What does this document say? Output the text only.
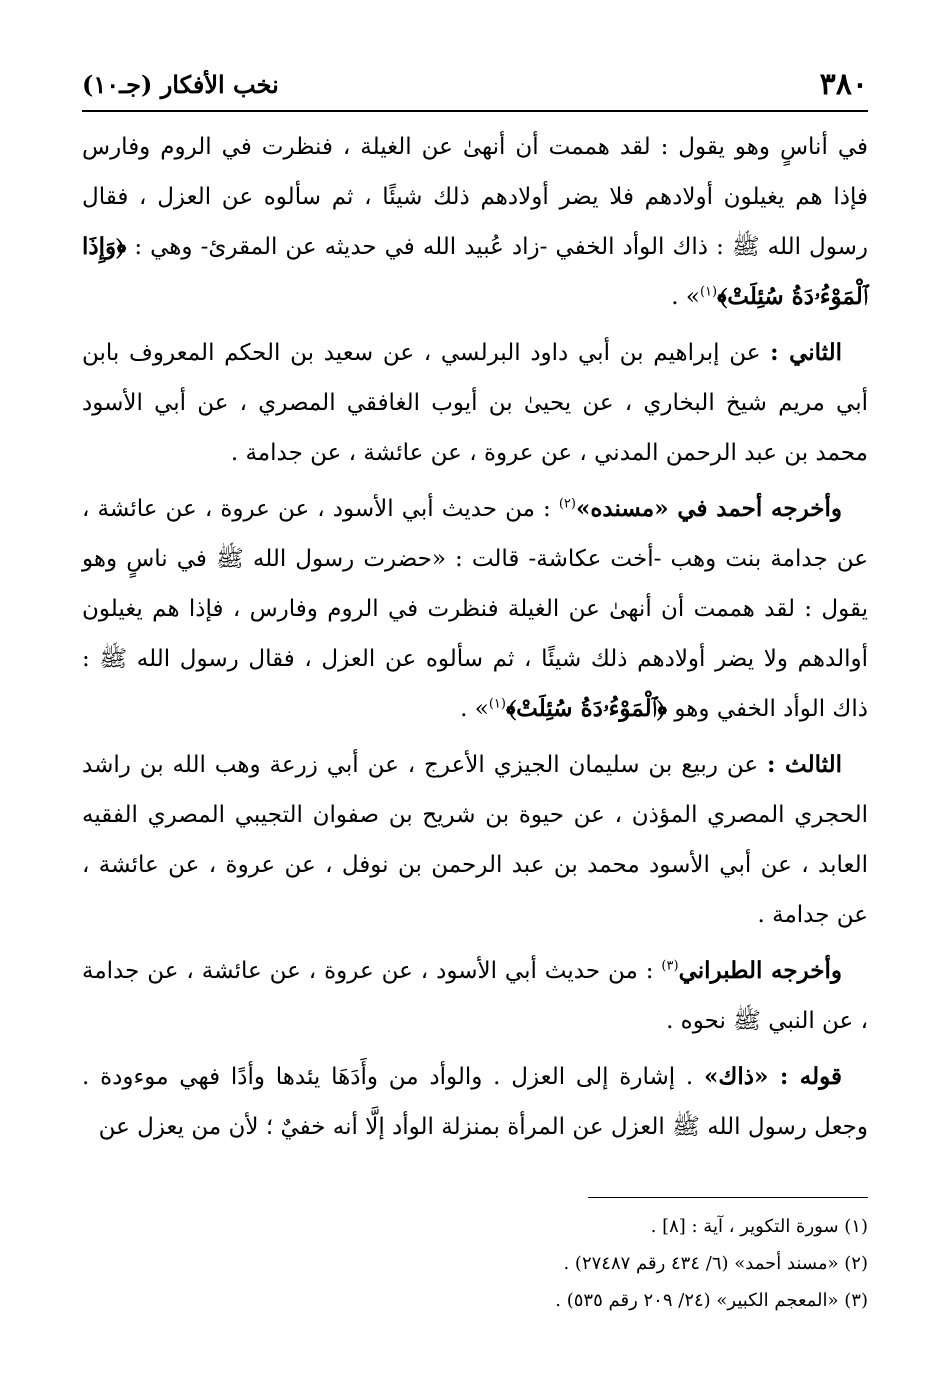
٣٨٠
نخب الأفكار (جـ١٠)

في أناسٍ وهو يقول : لقد هممت أن أنهىٰ عن الغيلة ، فنظرت في الروم وفارس فإذا هم يغيلون أولادهم فلا يضر أولادهم ذلك شيئًا ، ثم سألوه عن العزل ، فقال رسول الله ﷺ : ذاك الوأد الخفي -زاد عُبيد الله في حديثه عن المقرئ- وهي : ﴿وَإِذَا ٱلْمَوْءُۥدَةُ سُئِلَتْ﴾$^{(١)}$» .

الثاني : عن إبراهيم بن أبي داود البرلسي ، عن سعيد بن الحكم المعروف بابن أبي مريم شيخ البخاري ، عن يحيىٰ بن أيوب الغافقي المصري ، عن أبي الأسود محمد بن عبد الرحمن المدني ، عن عروة ، عن عائشة ، عن جدامة .

وأخرجه أحمد في «مسنده»$^{(٢)}$ : من حديث أبي الأسود ، عن عروة ، عن عائشة ، عن جدامة بنت وهب -أخت عكاشة- قالت : «حضرت رسول الله ﷺ في ناسٍ وهو يقول : لقد هممت أن أنهىٰ عن الغيلة فنظرت في الروم وفارس ، فإذا هم يغيلون أوالدهم ولا يضر أولادهم ذلك شيئًا ، ثم سألوه عن العزل ، فقال رسول الله ﷺ : ذاك الوأد الخفي وهو ﴿ٱلْمَوْءُۥدَةُ سُئِلَتْ﴾$^{(١)}$» .

الثالث : عن ربيع بن سليمان الجيزي الأعرج ، عن أبي زرعة وهب الله بن راشد الحجري المصري المؤذن ، عن حيوة بن شريح بن صفوان التجيبي المصري الفقيه العابد ، عن أبي الأسود محمد بن عبد الرحمن بن نوفل ، عن عروة ، عن عائشة ، عن جدامة .

وأخرجه الطبراني$^{(٣)}$ : من حديث أبي الأسود ، عن عروة ، عن عائشة ، عن جدامة ، عن النبي ﷺ نحوه .

قوله : «ذاك» . إشارة إلى العزل . والوأد من وأَدَهَا يئدها وأدًا فهي موءودة . وجعل رسول الله ﷺ العزل عن المرأة بمنزلة الوأد إلَّا أنه خفيٌ ؛ لأن من يعزل عن

(١) سورة التكوير ، آية : [٨] .
(٢) «مسند أحمد» (٦/ ٤٣٤ رقم ٢٧٤٨٧) .
(٣) «المعجم الكبير» (٢٤/ ٢٠٩ رقم ٥٣٥) .
